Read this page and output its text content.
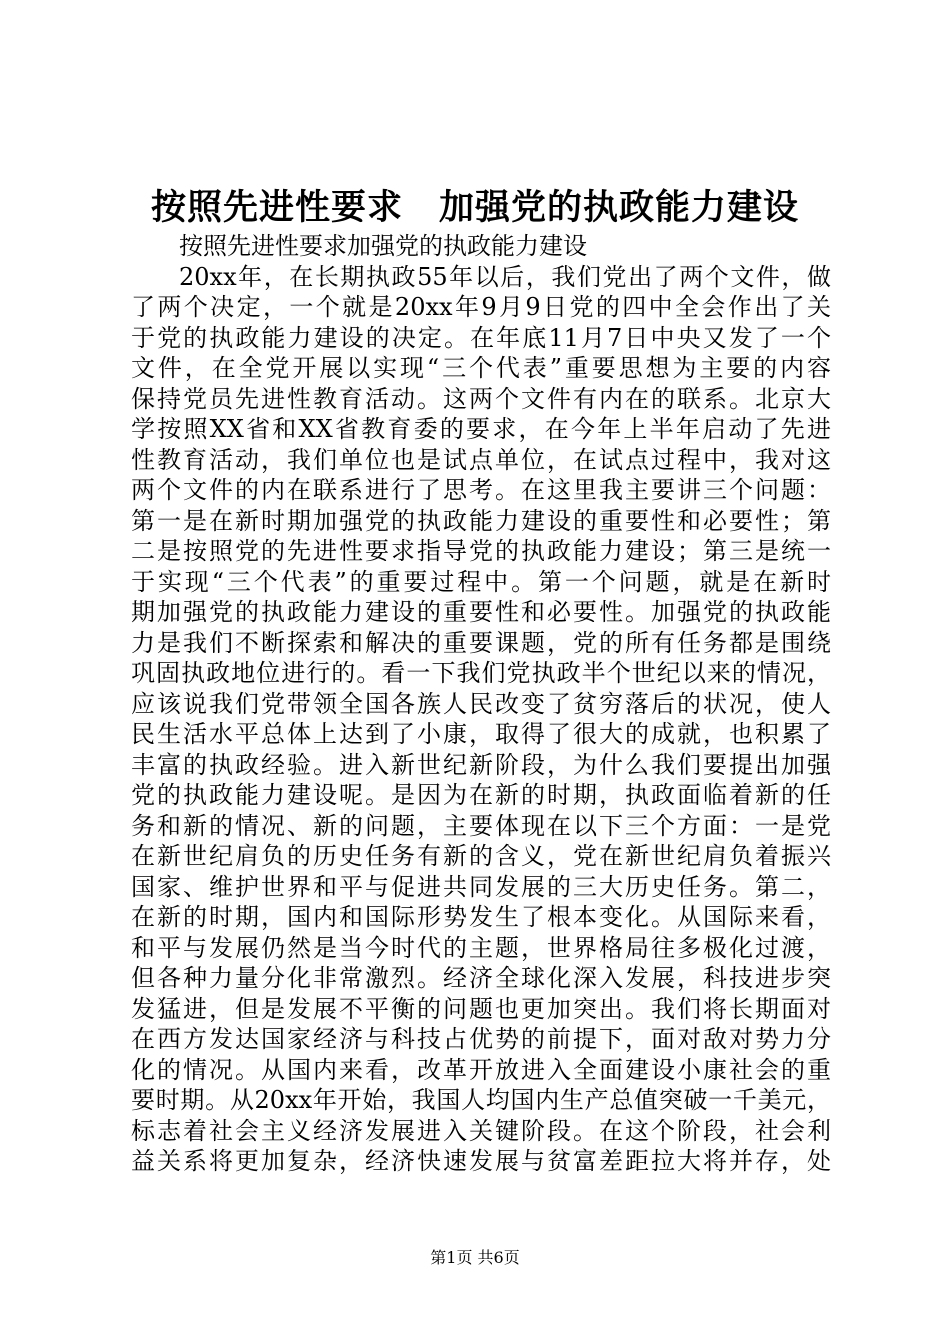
按照先进性要求　加强党的执政能力建设
按照先进性要求加强党的执政能力建设
20xx年，在长期执政55年以后，我们党出了两个文件，做
了两个决定，一个就是20xx年9月9日党的四中全会作出了关
于党的执政能力建设的决定。在年底11月7日中央又发了一个
文件，在全党开展以实现“三个代表”重要思想为主要的内容
保持党员先进性教育活动。这两个文件有内在的联系。北京大
学按照XX省和XX省教育委的要求，在今年上半年启动了先进
性教育活动，我们单位也是试点单位，在试点过程中，我对这
两个文件的内在联系进行了思考。在这里我主要讲三个问题：
第一是在新时期加强党的执政能力建设的重要性和必要性；第
二是按照党的先进性要求指导党的执政能力建设；第三是统一
于实现“三个代表”的重要过程中。第一个问题，就是在新时
期加强党的执政能力建设的重要性和必要性。加强党的执政能
力是我们不断探索和解决的重要课题，党的所有任务都是围绕
巩固执政地位进行的。看一下我们党执政半个世纪以来的情况，
应该说我们党带领全国各族人民改变了贫穷落后的状况，使人
民生活水平总体上达到了小康，取得了很大的成就，也积累了
丰富的执政经验。进入新世纪新阶段，为什么我们要提出加强
党的执政能力建设呢。是因为在新的时期，执政面临着新的任
务和新的情况、新的问题，主要体现在以下三个方面：一是党
在新世纪肩负的历史任务有新的含义，党在新世纪肩负着振兴
国家、维护世界和平与促进共同发展的三大历史任务。第二，
在新的时期，国内和国际形势发生了根本变化。从国际来看，
和平与发展仍然是当今时代的主题，世界格局往多极化过渡，
但各种力量分化非常激烈。经济全球化深入发展，科技进步突
发猛进，但是发展不平衡的问题也更加突出。我们将长期面对
在西方发达国家经济与科技占优势的前提下，面对敌对势力分
化的情况。从国内来看，改革开放进入全面建设小康社会的重
要时期。从20xx年开始，我国人均国内生产总值突破一千美元，
标志着社会主义经济发展进入关键阶段。在这个阶段，社会利
益关系将更加复杂，经济快速发展与贫富差距拉大将并存，处
第1页 共6页
